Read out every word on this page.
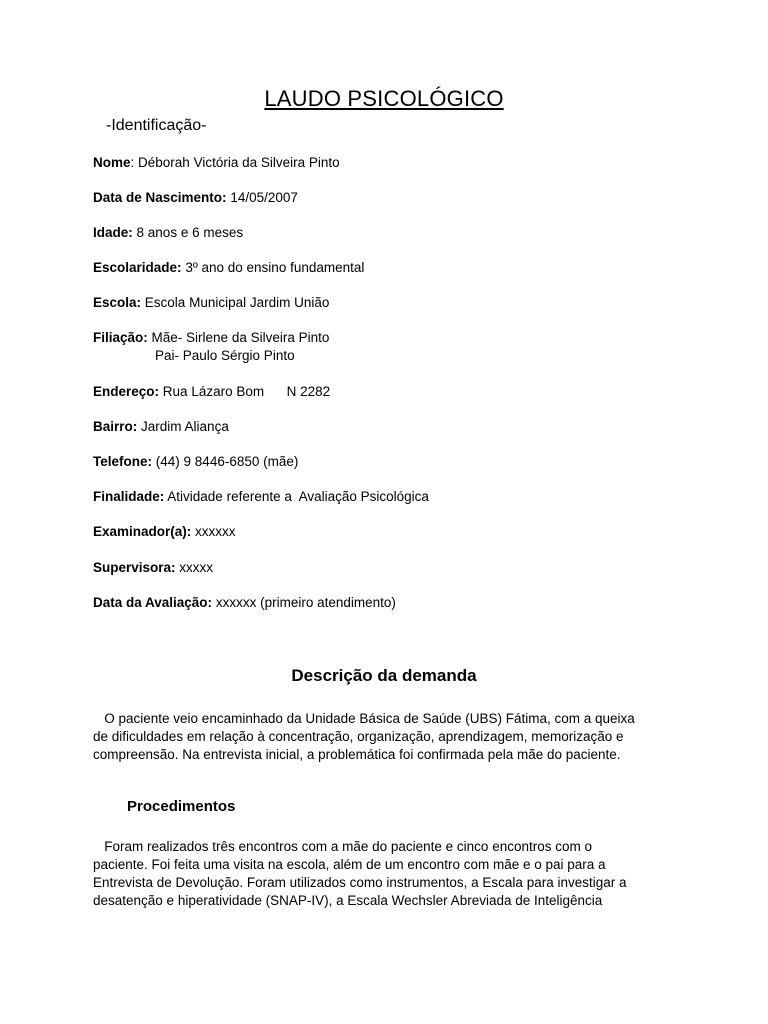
LAUDO PSICOLÓGICO
-Identificação-
Nome: Déborah Victória da Silveira Pinto
Data de Nascimento: 14/05/2007
Idade: 8 anos e 6 meses
Escolaridade: 3º ano do ensino fundamental
Escola: Escola Municipal Jardim União
Filiação: Mãe- Sirlene da Silveira Pinto
Pai- Paulo Sérgio Pinto
Endereço: Rua Lázaro Bom      N 2282
Bairro: Jardim Aliança
Telefone: (44) 9 8446-6850 (mãe)
Finalidade: Atividade referente a  Avaliação Psicológica
Examinador(a): xxxxxx
Supervisora: xxxxx
Data da Avaliação: xxxxxx (primeiro atendimento)
Descrição da demanda
O paciente veio encaminhado da Unidade Básica de Saúde (UBS) Fátima, com a queixa
de dificuldades em relação à concentração, organização, aprendizagem, memorização e
compreensão. Na entrevista inicial, a problemática foi confirmada pela mãe do paciente.
Procedimentos
Foram realizados três encontros com a mãe do paciente e cinco encontros com o
paciente. Foi feita uma visita na escola, além de um encontro com mãe e o pai para a
Entrevista de Devolução. Foram utilizados como instrumentos, a Escala para investigar a
desatenção e hiperatividade (SNAP-IV), a Escala Wechsler Abreviada de Inteligência
